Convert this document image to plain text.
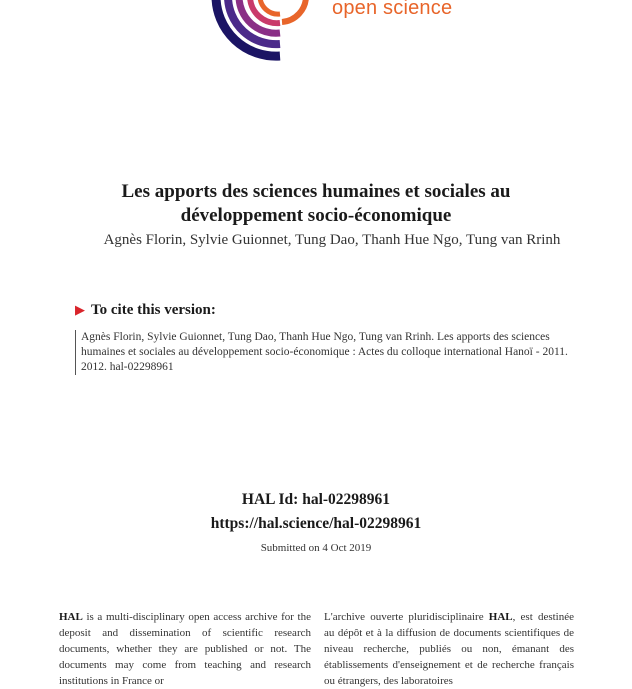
open science
Les apports des sciences humaines et sociales au
développement socio-économique
Agnès Florin, Sylvie Guionnet, Tung Dao, Thanh Hue Ngo, Tung van Rrinh
▶ To cite this version:
Agnès Florin, Sylvie Guionnet, Tung Dao, Thanh Hue Ngo, Tung van Rrinh. Les apports des sciences humaines et sociales au développement socio-économique : Actes du colloque international Hanoï - 2011. 2012. hal-02298961
HAL Id: hal-02298961
https://hal.science/hal-02298961
Submitted on 4 Oct 2019
HAL is a multi-disciplinary open access archive for the deposit and dissemination of scientific research documents, whether they are published or not. The documents may come from teaching and research institutions in France or
L'archive ouverte pluridisciplinaire HAL, est destinée au dépôt et à la diffusion de documents scientifiques de niveau recherche, publiés ou non, émanant des établissements d'enseignement et de recherche français ou étrangers, des laboratoires
